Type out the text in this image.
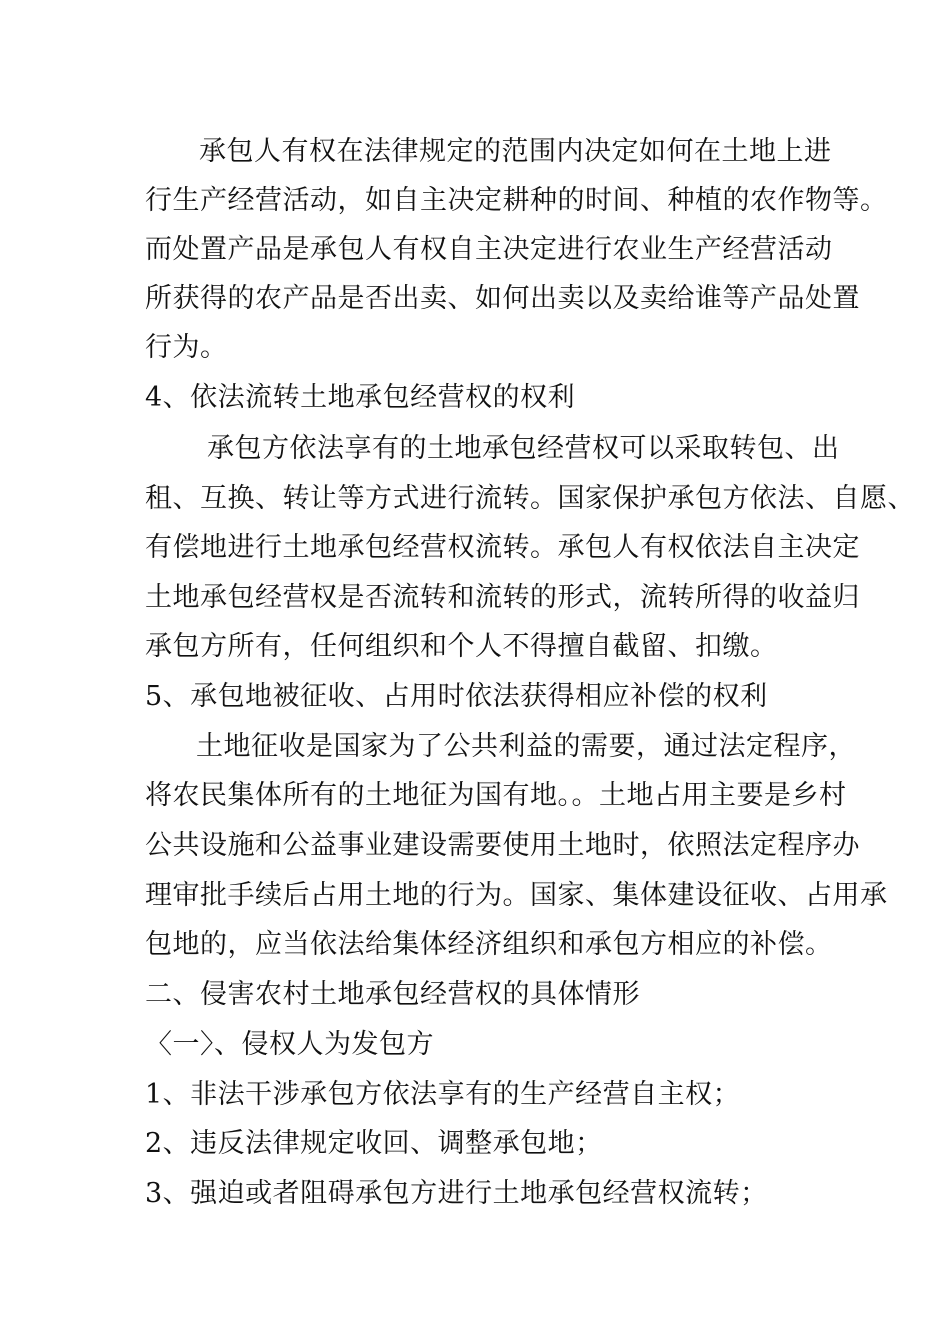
承包人有权在法律规定的范围内决定如何在土地上进
行生产经营活动，如自主决定耕种的时间、种植的农作物等。
而处置产品是承包人有权自主决定进行农业生产经营活动
所获得的农产品是否出卖、如何出卖以及卖给谁等产品处置
行为。
4、依法流转土地承包经营权的权利
承包方依法享有的土地承包经营权可以采取转包、出
租、互换、转让等方式进行流转。国家保护承包方依法、自愿、
有偿地进行土地承包经营权流转。承包人有权依法自主决定
土地承包经营权是否流转和流转的形式，流转所得的收益归
承包方所有，任何组织和个人不得擅自截留、扣缴。
5、承包地被征收、占用时依法获得相应补偿的权利
土地征收是国家为了公共利益的需要，通过法定程序，
将农民集体所有的土地征为国有地。。土地占用主要是乡村
公共设施和公益事业建设需要使用土地时，依照法定程序办
理审批手续后占用土地的行为。国家、集体建设征收、占用承
包地的，应当依法给集体经济组织和承包方相应的补偿。
二、侵害农村土地承包经营权的具体情形
〈一〉、侵权人为发包方
1、非法干涉承包方依法享有的生产经营自主权；
2、违反法律规定收回、调整承包地；
3、强迫或者阻碍承包方进行土地承包经营权流转；
